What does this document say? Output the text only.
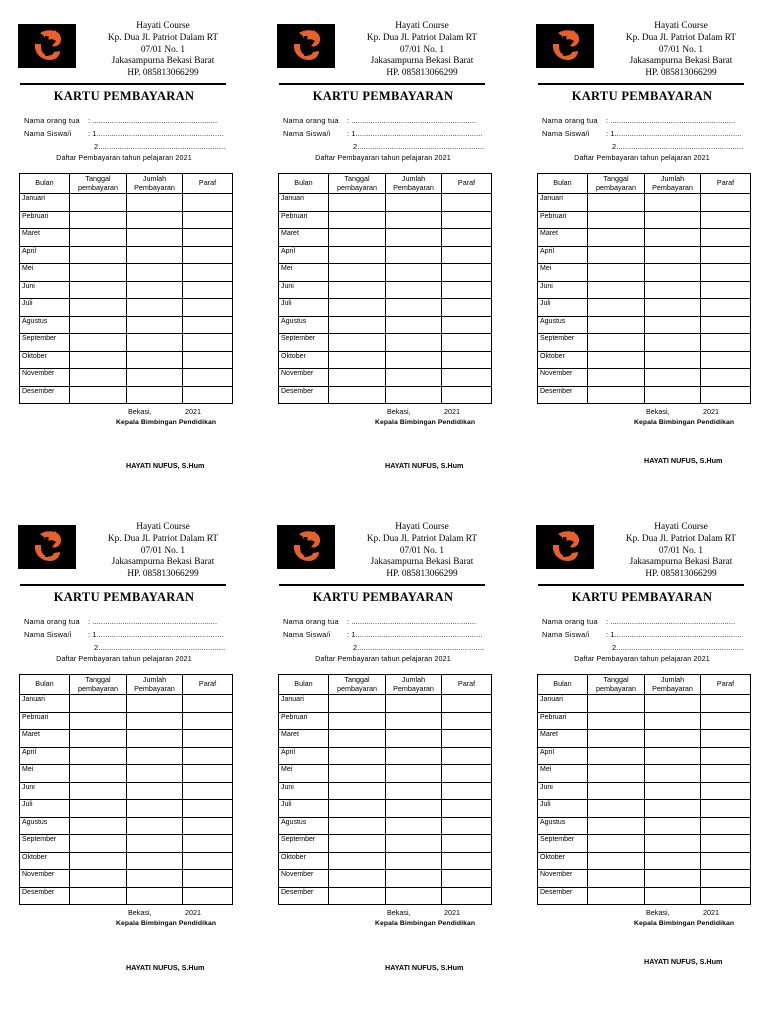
Hayati Course
Kp. Dua Jl. Patriot Dalam RT
07/01 No. 1
Jakasampurna Bekasi Barat
HP. 085813066299
KARTU PEMBAYARAN
Nama orang tua	: ..........................................................
Nama Siswa/i	: 1...........................................................
2...........................................................
Daftar Pembayaran tahun pelajaran 2021
Bulan	Tanggal pembayaran	Jumlah Pembayaran	Paraf
Januari			
Pebruari			
Maret			
April			
Mei			
Juni			
Juli			
Agustus			
September			
Oktober			
November			
Desember			
Bekasi,	2021
Kepala Bimbingan Pendidikan
HAYATI NUFUS, S.Hum
Hayati Course
Kp. Dua Jl. Patriot Dalam RT
07/01 No. 1
Jakasampurna Bekasi Barat
HP. 085813066299
KARTU PEMBAYARAN
Nama orang tua	: ..........................................................
Nama Siswa/i	: 1...........................................................
2...........................................................
Daftar Pembayaran tahun pelajaran 2021
Bulan	Tanggal pembayaran	Jumlah Pembayaran	Paraf
Januari			
Pebruari			
Maret			
April			
Mei			
Juni			
Juli			
Agustus			
September			
Oktober			
November			
Desember			
Bekasi,	2021
Kepala Bimbingan Pendidikan
HAYATI NUFUS, S.Hum
Hayati Course
Kp. Dua Jl. Patriot Dalam RT
07/01 No. 1
Jakasampurna Bekasi Barat
HP. 085813066299
KARTU PEMBAYARAN
Nama orang tua	: ..........................................................
Nama Siswa/i	: 1...........................................................
2...........................................................
Daftar Pembayaran tahun pelajaran 2021
Bulan	Tanggal pembayaran	Jumlah Pembayaran	Paraf
Januari			
Pebruari			
Maret			
April			
Mei			
Juni			
Juli			
Agustus			
September			
Oktober			
November			
Desember			
Bekasi,	2021
Kepala Bimbingan Pendidikan
HAYATI NUFUS, S.Hum
Hayati Course
Kp. Dua Jl. Patriot Dalam RT
07/01 No. 1
Jakasampurna Bekasi Barat
HP. 085813066299
KARTU PEMBAYARAN
Nama orang tua	: ..........................................................
Nama Siswa/i	: 1...........................................................
2...........................................................
Daftar Pembayaran tahun pelajaran 2021
Bulan	Tanggal pembayaran	Jumlah Pembayaran	Paraf
Januari			
Pebruari			
Maret			
April			
Mei			
Juni			
Juli			
Agustus			
September			
Oktober			
November			
Desember			
Bekasi,	2021
Kepala Bimbingan Pendidikan
HAYATI NUFUS, S.Hum
Hayati Course
Kp. Dua Jl. Patriot Dalam RT
07/01 No. 1
Jakasampurna Bekasi Barat
HP. 085813066299
KARTU PEMBAYARAN
Nama orang tua	: ..........................................................
Nama Siswa/i	: 1...........................................................
2...........................................................
Daftar Pembayaran tahun pelajaran 2021
Bulan	Tanggal pembayaran	Jumlah Pembayaran	Paraf
Januari			
Pebruari			
Maret			
April			
Mei			
Juni			
Juli			
Agustus			
September			
Oktober			
November			
Desember			
Bekasi,	2021
Kepala Bimbingan Pendidikan
HAYATI NUFUS, S.Hum
Hayati Course
Kp. Dua Jl. Patriot Dalam RT
07/01 No. 1
Jakasampurna Bekasi Barat
HP. 085813066299
KARTU PEMBAYARAN
Nama orang tua	: ..........................................................
Nama Siswa/i	: 1...........................................................
2...........................................................
Daftar Pembayaran tahun pelajaran 2021
Bulan	Tanggal pembayaran	Jumlah Pembayaran	Paraf
Januari			
Pebruari			
Maret			
April			
Mei			
Juni			
Juli			
Agustus			
September			
Oktober			
November			
Desember			
Bekasi,	2021
Kepala Bimbingan Pendidikan
HAYATI NUFUS, S.Hum
